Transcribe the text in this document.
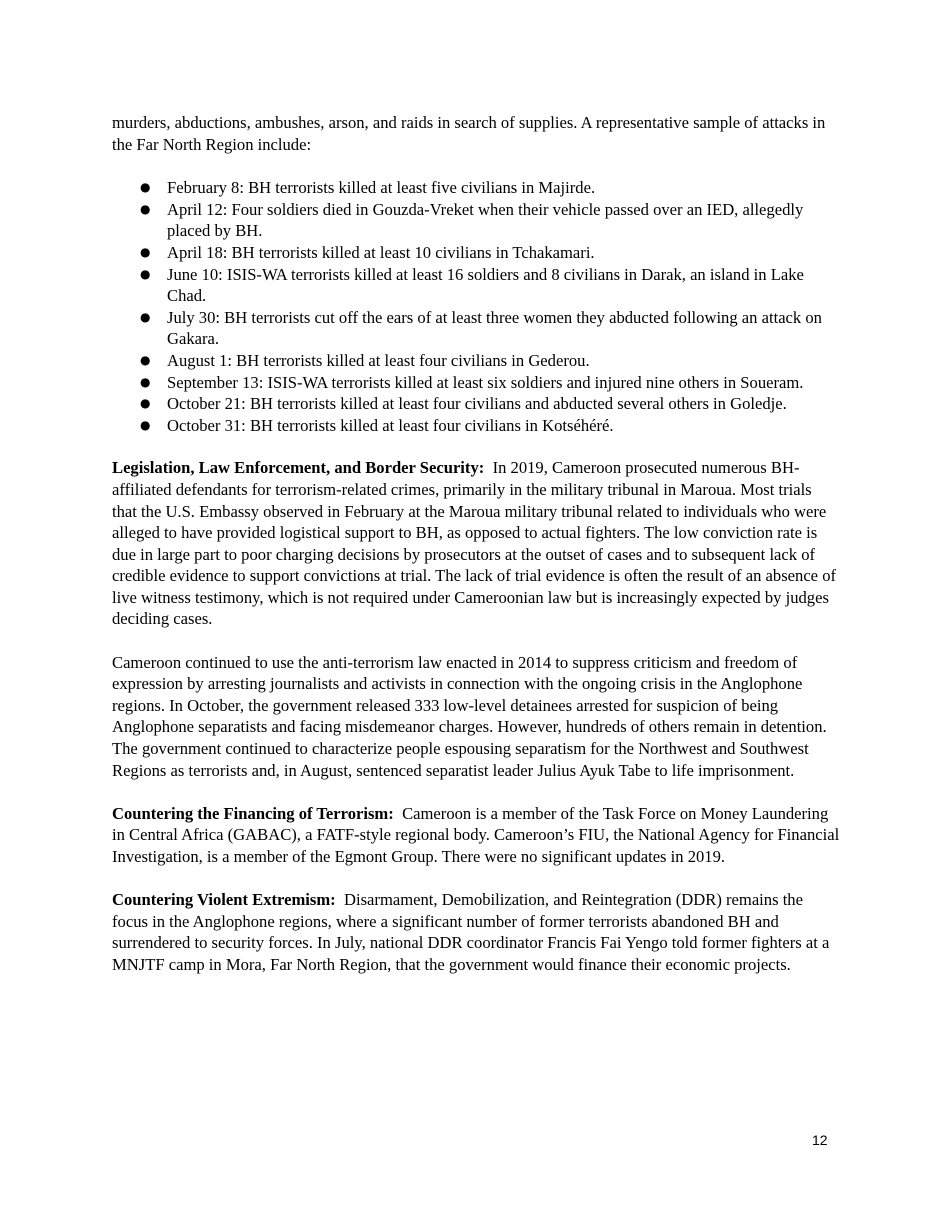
murders, abductions, ambushes, arson, and raids in search of supplies. A representative sample of attacks in the Far North Region include:

● February 8: BH terrorists killed at least five civilians in Majirde.
● April 12: Four soldiers died in Gouzda-Vreket when their vehicle passed over an IED, allegedly placed by BH.
● April 18: BH terrorists killed at least 10 civilians in Tchakamari.
● June 10: ISIS-WA terrorists killed at least 16 soldiers and 8 civilians in Darak, an island in Lake Chad.
● July 30: BH terrorists cut off the ears of at least three women they abducted following an attack on Gakara.
● August 1: BH terrorists killed at least four civilians in Gederou.
● September 13: ISIS-WA terrorists killed at least six soldiers and injured nine others in Soueram.
● October 21: BH terrorists killed at least four civilians and abducted several others in Goledje.
● October 31: BH terrorists killed at least four civilians in Kotséhéré.

Legislation, Law Enforcement, and Border Security: In 2019, Cameroon prosecuted numerous BH-affiliated defendants for terrorism-related crimes, primarily in the military tribunal in Maroua. Most trials that the U.S. Embassy observed in February at the Maroua military tribunal related to individuals who were alleged to have provided logistical support to BH, as opposed to actual fighters. The low conviction rate is due in large part to poor charging decisions by prosecutors at the outset of cases and to subsequent lack of credible evidence to support convictions at trial. The lack of trial evidence is often the result of an absence of live witness testimony, which is not required under Cameroonian law but is increasingly expected by judges deciding cases.

Cameroon continued to use the anti-terrorism law enacted in 2014 to suppress criticism and freedom of expression by arresting journalists and activists in connection with the ongoing crisis in the Anglophone regions. In October, the government released 333 low-level detainees arrested for suspicion of being Anglophone separatists and facing misdemeanor charges. However, hundreds of others remain in detention. The government continued to characterize people espousing separatism for the Northwest and Southwest Regions as terrorists and, in August, sentenced separatist leader Julius Ayuk Tabe to life imprisonment.

Countering the Financing of Terrorism: Cameroon is a member of the Task Force on Money Laundering in Central Africa (GABAC), a FATF-style regional body. Cameroon’s FIU, the National Agency for Financial Investigation, is a member of the Egmont Group. There were no significant updates in 2019.

Countering Violent Extremism: Disarmament, Demobilization, and Reintegration (DDR) remains the focus in the Anglophone regions, where a significant number of former terrorists abandoned BH and surrendered to security forces. In July, national DDR coordinator Francis Fai Yengo told former fighters at a MNJTF camp in Mora, Far North Region, that the government would finance their economic projects.

12
